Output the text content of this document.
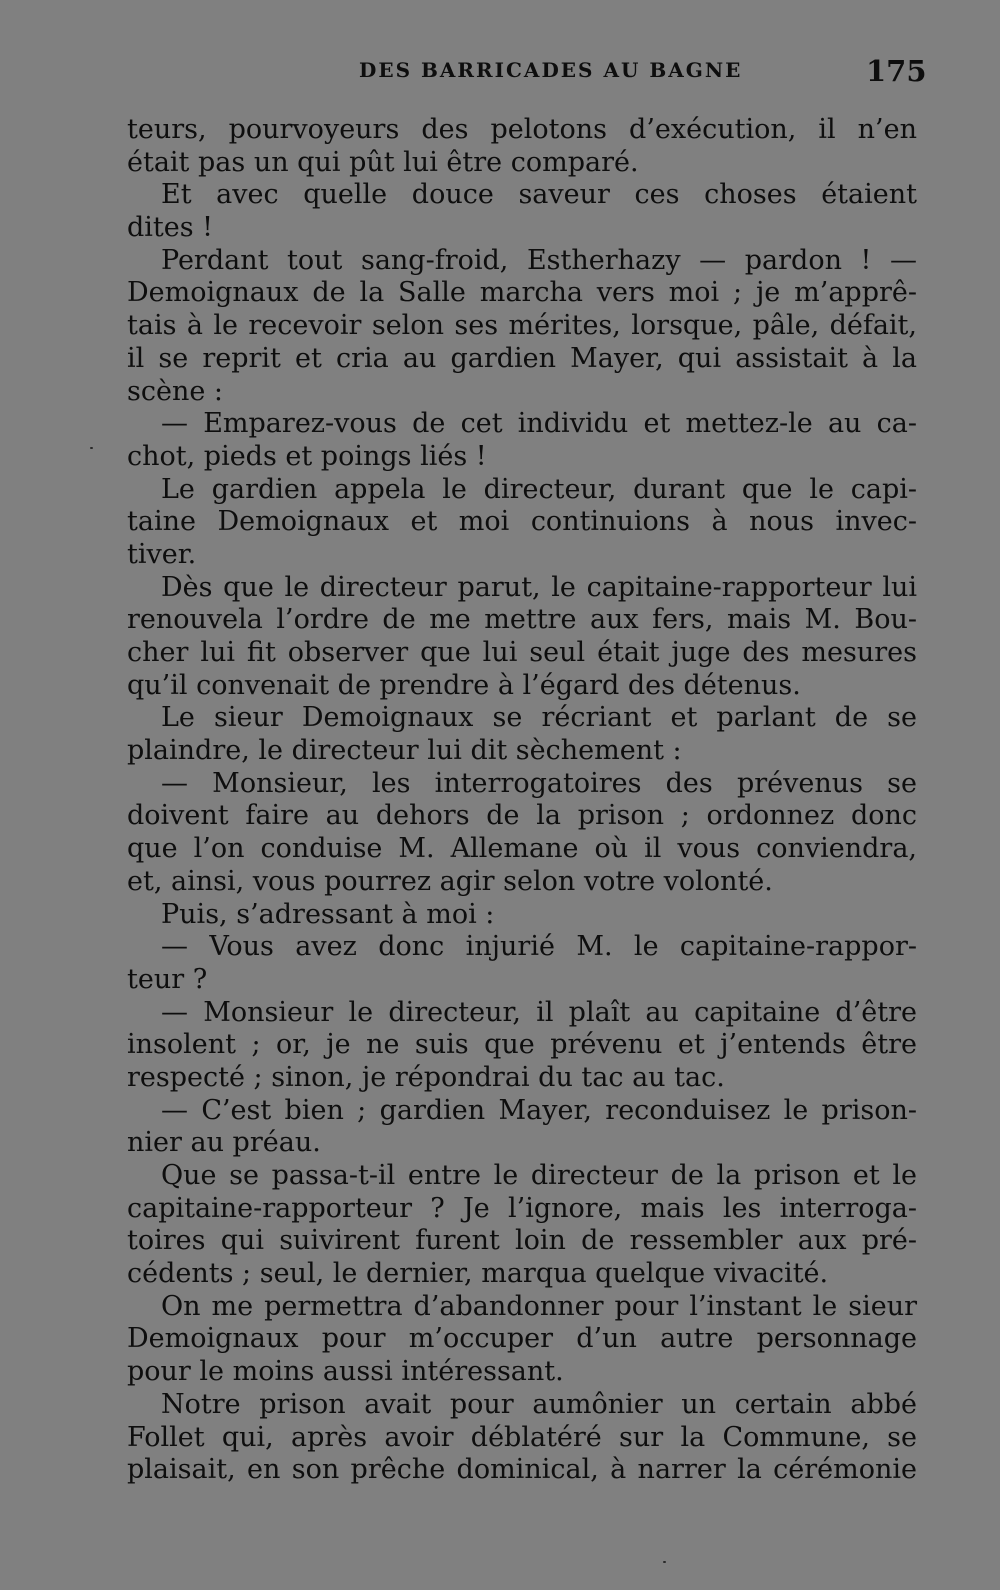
DES BARRICADES AU BAGNE	175
teurs, pourvoyeurs des pelotons d’exécution, il n’en
était pas un qui pût lui être comparé.
Et avec quelle douce saveur ces choses étaient
dites !
Perdant tout sang-froid, Estherhazy — pardon ! —
Demoignaux de la Salle marcha vers moi ; je m’apprê-
tais à le recevoir selon ses mérites, lorsque, pâle, défait,
il se reprit et cria au gardien Mayer, qui assistait à la
scène :
— Emparez-vous de cet individu et mettez-le au ca-
chot, pieds et poings liés !
Le gardien appela le directeur, durant que le capi-
taine Demoignaux et moi continuions à nous invec-
tiver.
Dès que le directeur parut, le capitaine-rapporteur lui
renouvela l’ordre de me mettre aux fers, mais M. Bou-
cher lui fit observer que lui seul était juge des mesures
qu’il convenait de prendre à l’égard des détenus.
Le sieur Demoignaux se récriant et parlant de se
plaindre, le directeur lui dit sèchement :
— Monsieur, les interrogatoires des prévenus se
doivent faire au dehors de la prison ; ordonnez donc
que l’on conduise M. Allemane où il vous conviendra,
et, ainsi, vous pourrez agir selon votre volonté.
Puis, s’adressant à moi :
— Vous avez donc injurié M. le capitaine-rappor-
teur ?
— Monsieur le directeur, il plaît au capitaine d’être
insolent ; or, je ne suis que prévenu et j’entends être
respecté ; sinon, je répondrai du tac au tac.
— C’est bien ; gardien Mayer, reconduisez le prison-
nier au préau.
Que se passa-t-il entre le directeur de la prison et le
capitaine-rapporteur ? Je l’ignore, mais les interroga-
toires qui suivirent furent loin de ressembler aux pré-
cédents ; seul, le dernier, marqua quelque vivacité.
On me permettra d’abandonner pour l’instant le sieur
Demoignaux pour m’occuper d’un autre personnage
pour le moins aussi intéressant.
Notre prison avait pour aumônier un certain abbé
Follet qui, après avoir déblatéré sur la Commune, se
plaisait, en son prêche dominical, à narrer la cérémonie
